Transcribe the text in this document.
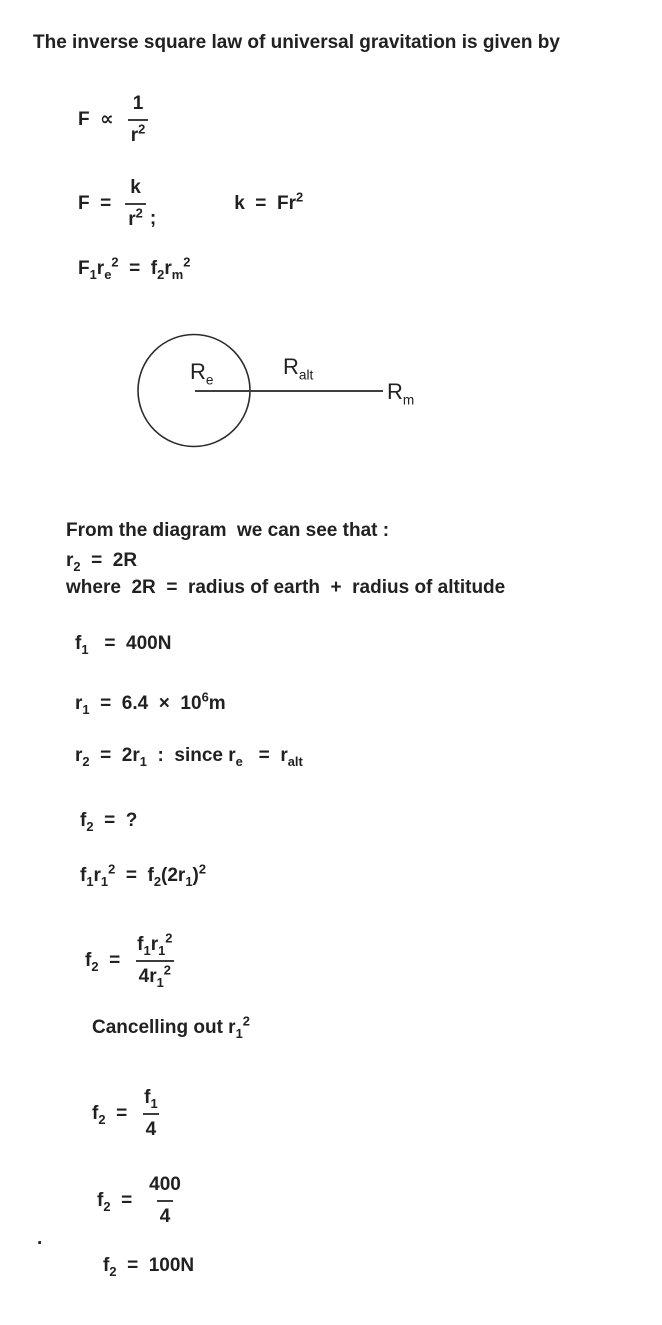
The inverse square law of universal gravitation is given by
$F \propto \frac{1}{r^2}$
$F = \frac{k}{r^2}$ ;
k  =  Fr$^2$
$F_1r_e^2 = f_2r_m^2$
$R_e$
$R_{alt}$
$R_m$
From the diagram  we can see that :
$r_2 = 2R$
where  2R  =  radius of earth  +  radius of altitude
$f_1 = 400N$
$r_1 = 6.4 \times 10^6m$
$r_2 = 2r_1$  :  since $r_e = r_{alt}$
$f_2$  =  ?
$f_1r_1^2 = f_2(2r_1)^2$
$f_2 = \frac{f_1r_1^2}{4r_1^2}$
Cancelling out $r_1^2$
$f_2 = \frac{f_1}{4}$
$f_2 = \frac{400}{4}$
.
$f_2 = 100N$
